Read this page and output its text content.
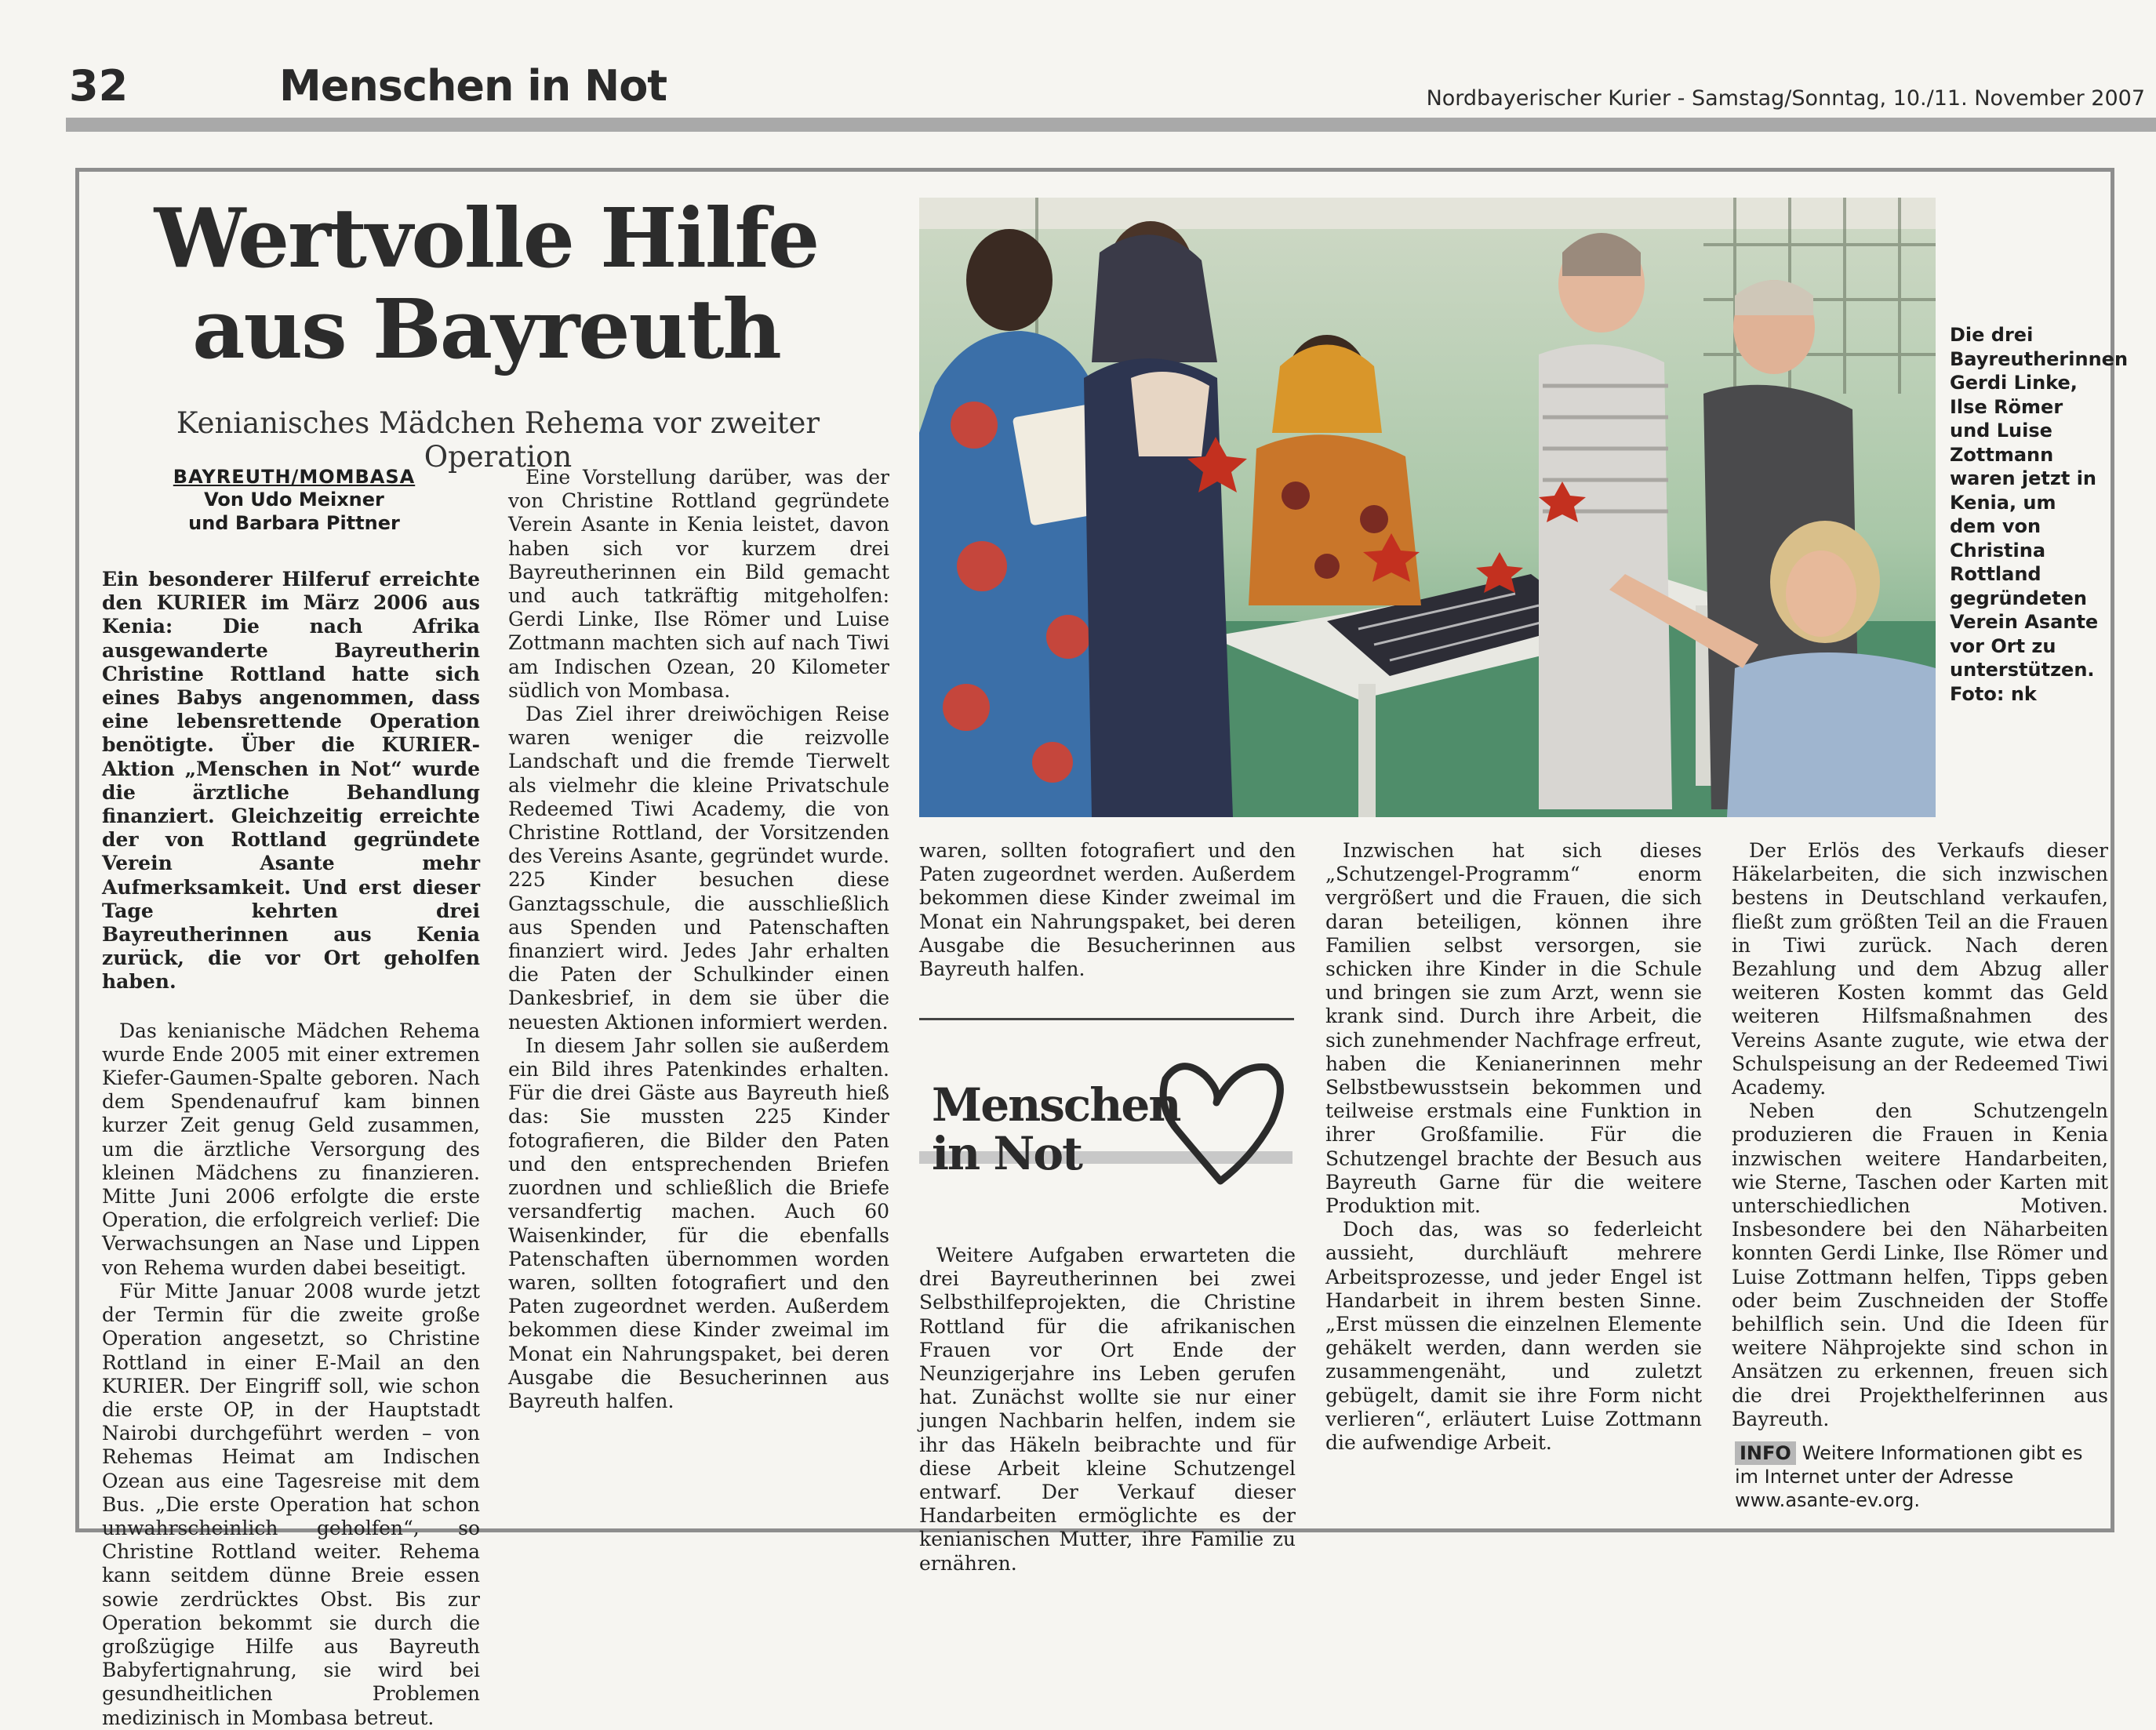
32	Menschen in Not	Nordbayerischer Kurier - Samstag/Sonntag, 10./11. November 2007
Wertvolle Hilfe
aus Bayreuth
Kenianisches Mädchen Rehema vor zweiter Operation
BAYREUTH/MOMBASA
Von Udo Meixner
und Barbara Pittner

Ein besonderer Hilferuf erreichte den KURIER im März 2006 aus Kenia: Die nach Afrika ausgewanderte Bayreutherin Christine Rottland hatte sich eines Babys angenommen, dass eine lebensrettende Operation benötigte. Über die KURIER-Aktion „Menschen in Not“ wurde die ärztliche Behandlung finanziert. Gleichzeitig erreichte der von Rottland gegründete Verein Asante mehr Aufmerksamkeit. Und erst dieser Tage kehrten drei Bayreutherinnen aus Kenia zurück, die vor Ort geholfen haben.

Das kenianische Mädchen Rehema wurde Ende 2005 mit einer extremen Kiefer-Gaumen-Spalte geboren. Nach dem Spendenaufruf kam binnen kurzer Zeit genug Geld zusammen, um die ärztliche Versorgung des kleinen Mädchens zu finanzieren. Mitte Juni 2006 erfolgte die erste Operation, die erfolgreich verlief: Die Verwachsungen an Nase und Lippen von Rehema wurden dabei beseitigt.

Für Mitte Januar 2008 wurde jetzt der Termin für die zweite große Operation angesetzt, so Christine Rottland in einer E-Mail an den KURIER. Der Eingriff soll, wie schon die erste OP, in der Hauptstadt Nairobi durchgeführt werden – von Rehemas Heimat am Indischen Ozean aus eine Tagesreise mit dem Bus. „Die erste Operation hat schon unwahrscheinlich geholfen“, so Christine Rottland weiter. Rehema kann seitdem dünne Breie essen sowie zerdrücktes Obst. Bis zur Operation bekommt sie durch die großzügige Hilfe aus Bayreuth Babyfertignahrung, sie wird bei gesundheitlichen Problemen medizinisch in Mombasa betreut.

Eine Vorstellung darüber, was der von Christine Rottland gegründete Verein Asante in Kenia leistet, davon haben sich vor kurzem drei Bayreutherinnen ein Bild gemacht und auch tatkräftig mitgeholfen: Gerdi Linke, Ilse Römer und Luise Zottmann machten sich auf nach Tiwi am Indischen Ozean, 20 Kilometer südlich von Mombasa.

Das Ziel ihrer dreiwöchigen Reise waren weniger die reizvolle Landschaft und die fremde Tierwelt als vielmehr die kleine Privatschule Redeemed Tiwi Academy, die von Christine Rottland, der Vorsitzenden des Vereins Asante, gegründet wurde. 225 Kinder besuchen diese Ganztagsschule, die ausschließlich aus Spenden und Patenschaften finanziert wird. Jedes Jahr erhalten die Paten der Schulkinder einen Dankesbrief, in dem sie über die neuesten Aktionen informiert werden.

In diesem Jahr sollen sie außerdem ein Bild ihres Patenkindes erhalten. Für die drei Gäste aus Bayreuth hieß das: Sie mussten 225 Kinder fotografieren, die Bilder den Paten und den entsprechenden Briefen zuordnen und schließlich die Briefe versandfertig machen. Auch 60 Waisenkinder, für die ebenfalls Patenschaften übernommen worden waren, sollten fotografiert und den Paten zugeordnet werden. Außerdem bekommen diese Kinder zweimal im Monat ein Nahrungspaket, bei deren Ausgabe die Besucherinnen aus Bayreuth halfen.

Die drei Bayreutherinnen Gerdi Linke, Ilse Römer und Luise Zottmann waren jetzt in Kenia, um dem von Christina Rottland gegründeten Verein Asante vor Ort zu unterstützen. Foto: nk

waren, sollten fotografiert und den Paten zugeordnet werden. Außerdem bekommen diese Kinder zweimal im Monat ein Nahrungspaket, bei deren Ausgabe die Besucherinnen aus Bayreuth halfen.

Menschen
in Not

Weitere Aufgaben erwarteten die drei Bayreutherinnen bei zwei Selbsthilfeprojekten, die Christine Rottland für die afrikanischen Frauen vor Ort Ende der Neunzigerjahre ins Leben gerufen hat. Zunächst wollte sie nur einer jungen Nachbarin helfen, indem sie ihr das Häkeln beibrachte und für diese Arbeit kleine Schutzengel entwarf. Der Verkauf dieser Handarbeiten ermöglichte es der kenianischen Mutter, ihre Familie zu ernähren.

Inzwischen hat sich dieses „Schutzengel-Programm“ enorm vergrößert und die Frauen, die sich daran beteiligen, können ihre Familien selbst versorgen, sie schicken ihre Kinder in die Schule und bringen sie zum Arzt, wenn sie krank sind. Durch ihre Arbeit, die sich zunehmender Nachfrage erfreut, haben die Kenianerinnen mehr Selbstbewusstsein bekommen und teilweise erstmals eine Funktion in ihrer Großfamilie. Für die Schutzengel brachte der Besuch aus Bayreuth Garne für die weitere Produktion mit.

Doch das, was so federleicht aussieht, durchläuft mehrere Arbeitsprozesse, und jeder Engel ist Handarbeit in ihrem besten Sinne. „Erst müssen die einzelnen Elemente gehäkelt werden, dann werden sie zusammengenäht, und zuletzt gebügelt, damit sie ihre Form nicht verlieren“, erläutert Luise Zottmann die aufwendige Arbeit.

Der Erlös des Verkaufs dieser Häkelarbeiten, die sich inzwischen bestens in Deutschland verkaufen, fließt zum größten Teil an die Frauen in Tiwi zurück. Nach deren Bezahlung und dem Abzug aller weiteren Kosten kommt das Geld weiteren Hilfsmaßnahmen des Vereins Asante zugute, wie etwa der Schulspeisung an der Redeemed Tiwi Academy.

Neben den Schutzengeln produzieren die Frauen in Kenia inzwischen weitere Handarbeiten, wie Sterne, Taschen oder Karten mit unterschiedlichen Motiven. Insbesondere bei den Näharbeiten konnten Gerdi Linke, Ilse Römer und Luise Zottmann helfen, Tipps geben oder beim Zuschneiden der Stoffe behilflich sein. Und die Ideen für weitere Nähprojekte sind schon in Ansätzen zu erkennen, freuen sich die drei Projekthelferinnen aus Bayreuth.

INFO Weitere Informationen gibt es im Internet unter der Adresse www.asante-ev.org.
